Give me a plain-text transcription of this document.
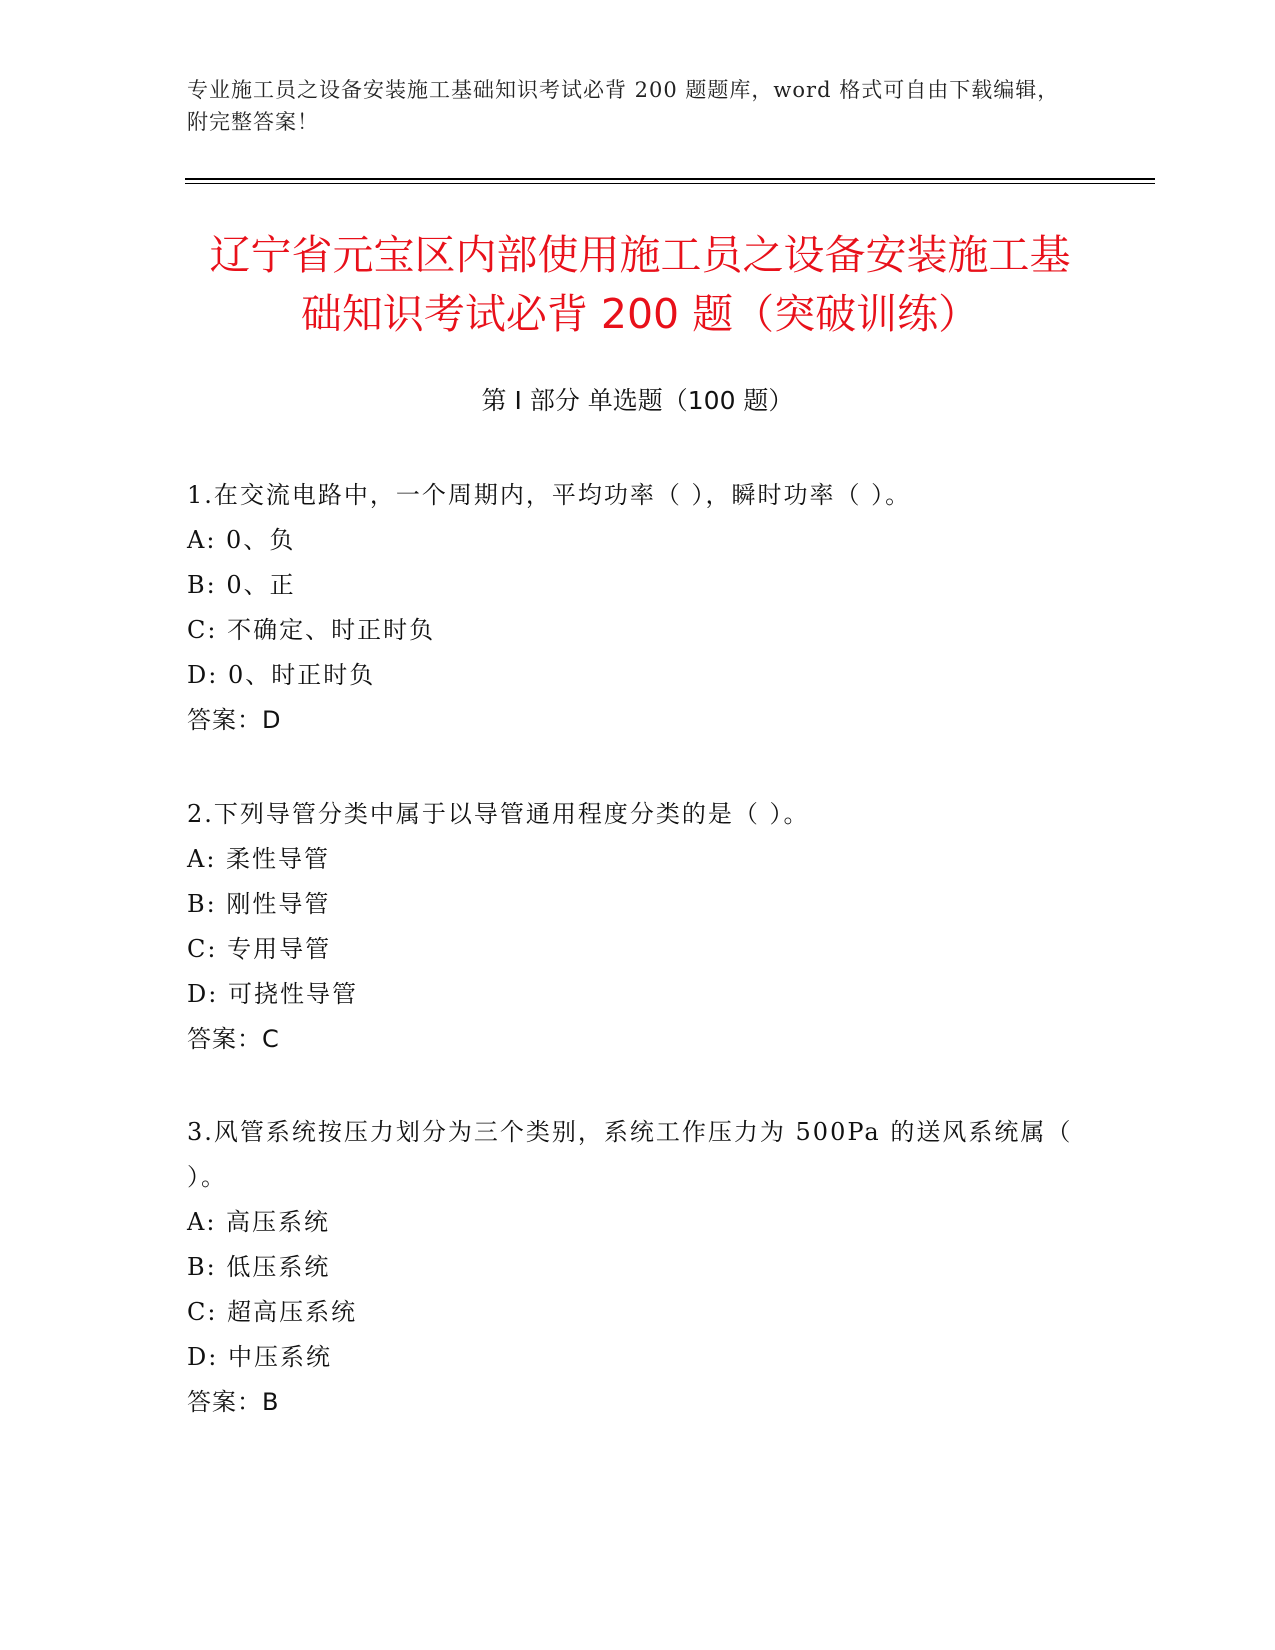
专业施工员之设备安装施工基础知识考试必背 200 题题库，word 格式可自由下载编辑，附完整答案！
辽宁省元宝区内部使用施工员之设备安装施工基础知识考试必背 200 题（突破训练）
第 I 部分 单选题（100 题）
1.在交流电路中，一个周期内，平均功率（ ），瞬时功率（ ）。
A: 0、负
B: 0、正
C: 不确定、时正时负
D: 0、时正时负
答案：D
2.下列导管分类中属于以导管通用程度分类的是（ ）。
A: 柔性导管
B: 刚性导管
C: 专用导管
D: 可挠性导管
答案：C
3.风管系统按压力划分为三个类别，系统工作压力为 500Pa 的送风系统属（ ）。
A: 高压系统
B: 低压系统
C: 超高压系统
D: 中压系统
答案：B
